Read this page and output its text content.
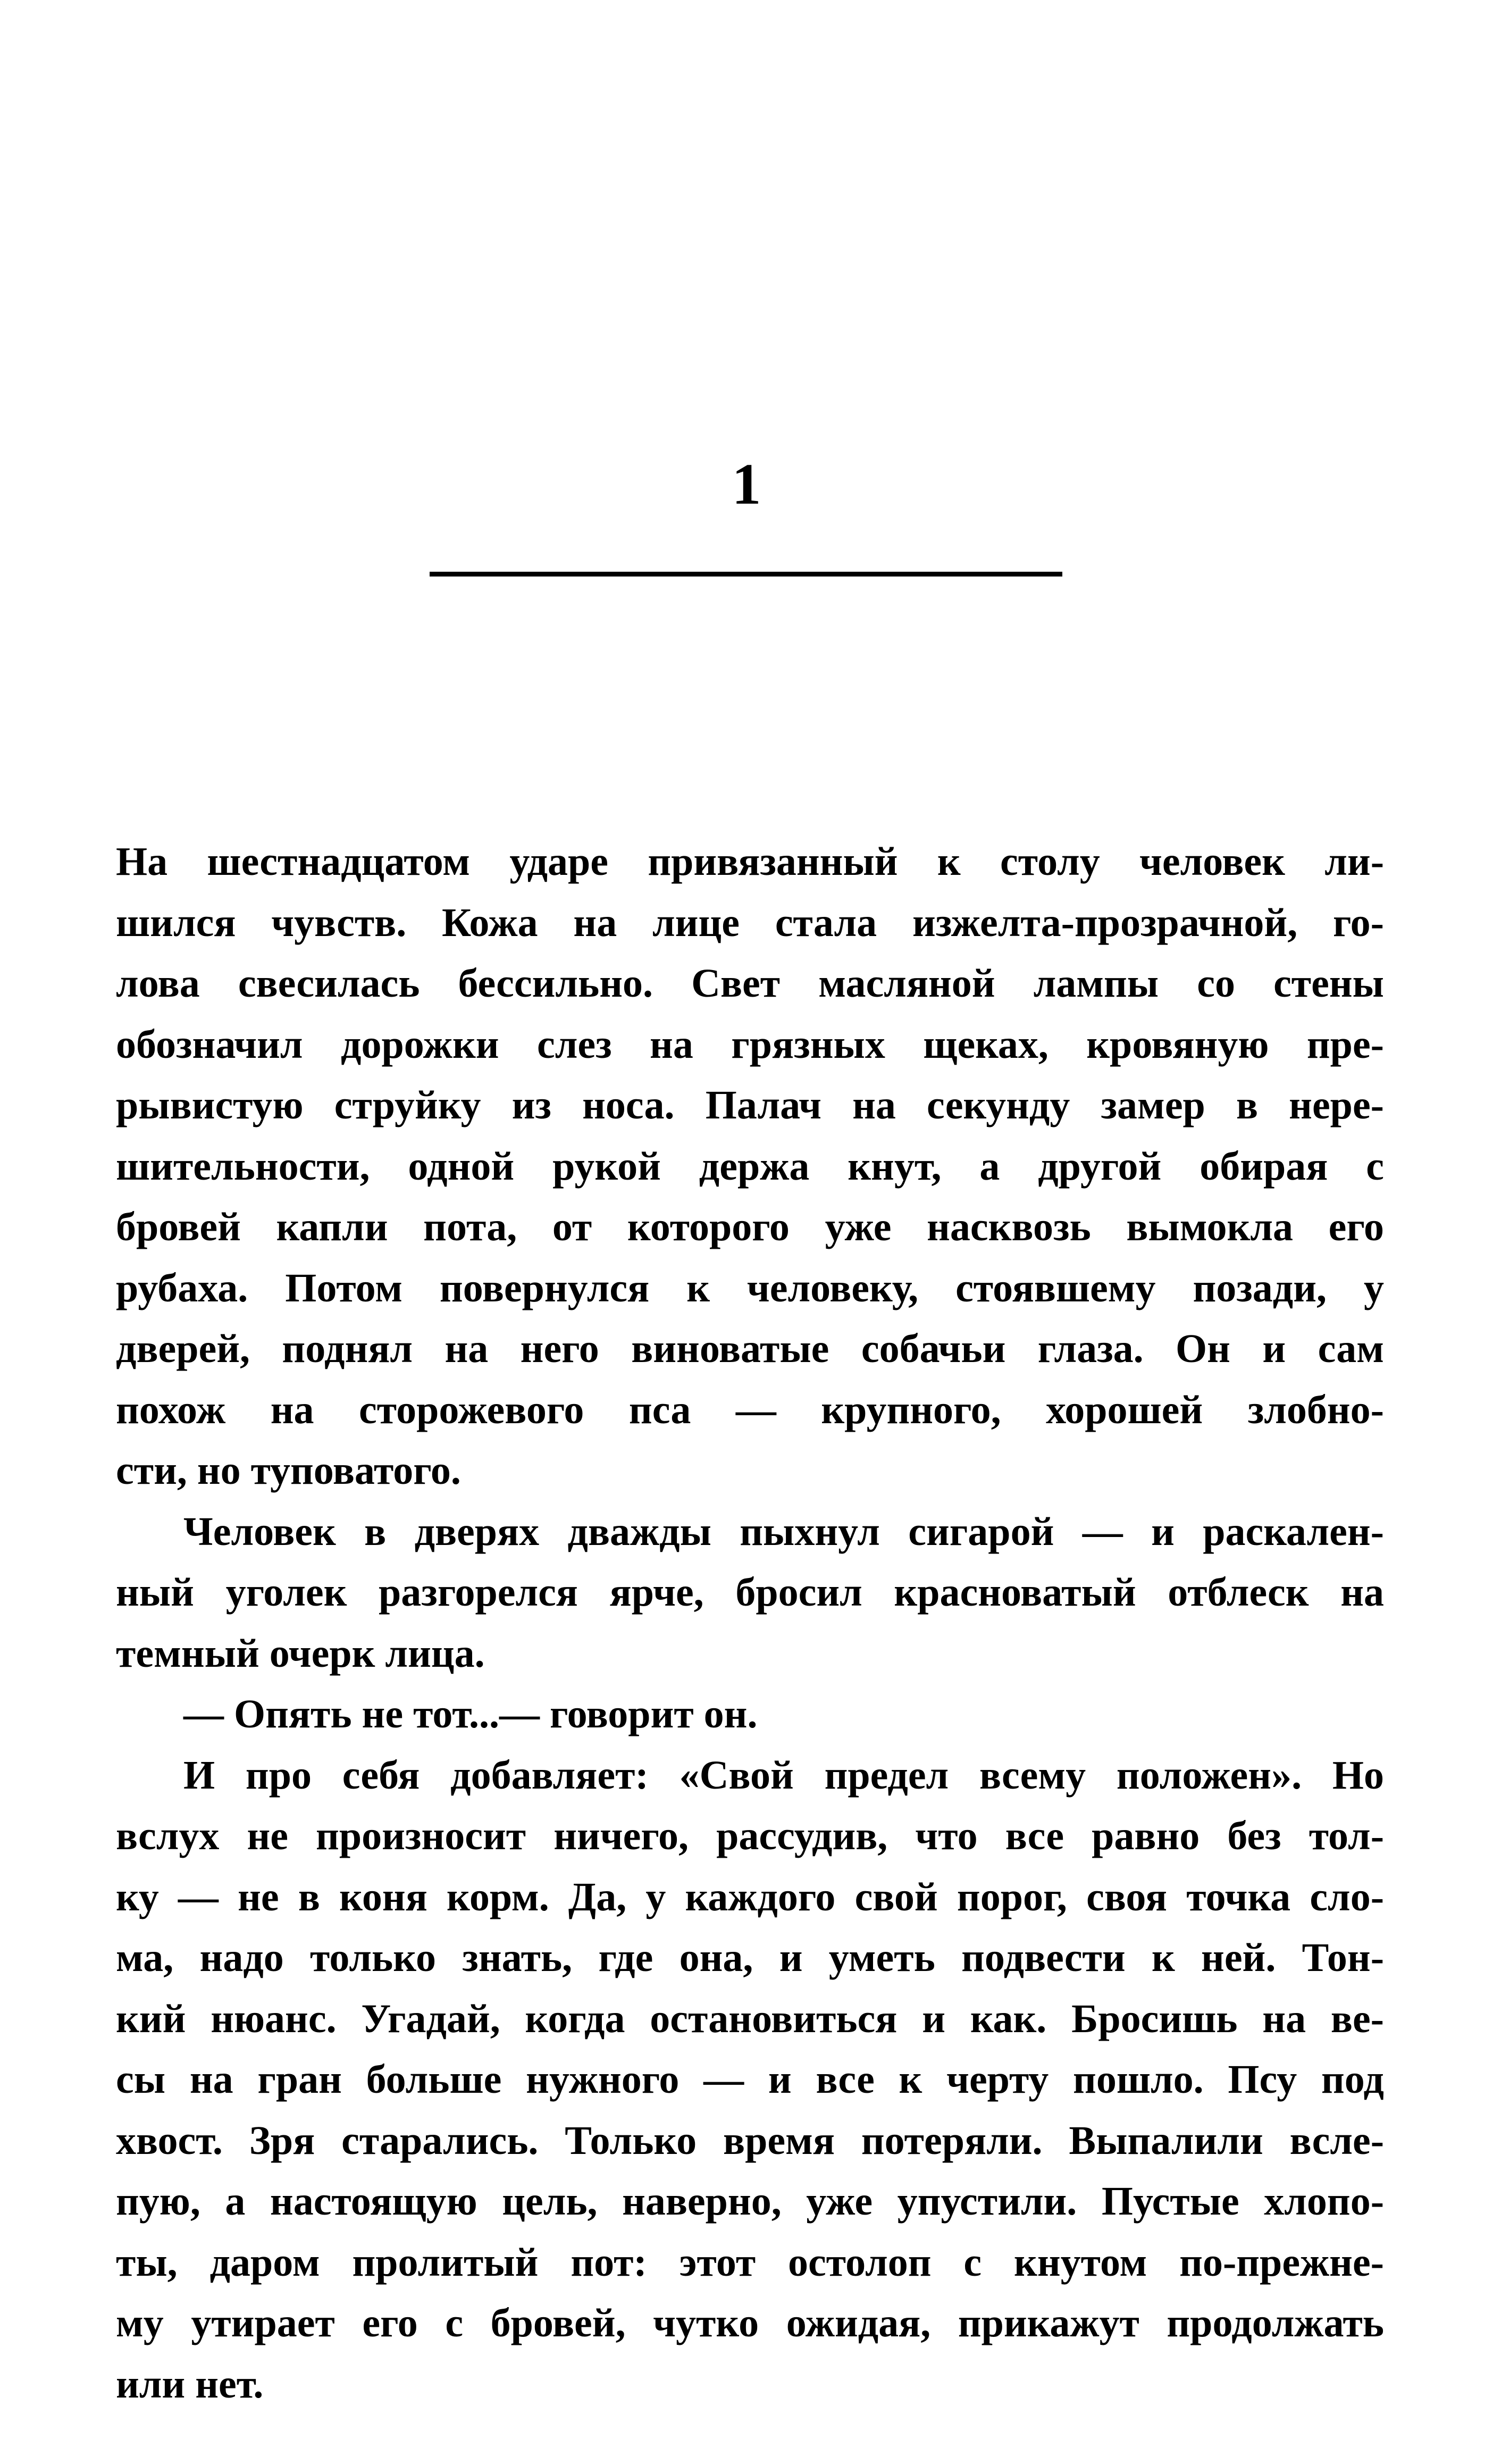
1

На шестнадцатом ударе привязанный к столу человек ли-
шился чувств. Кожа на лице стала изжелта-прозрачной, го-
лова свесилась бессильно. Свет масляной лампы со стены
обозначил дорожки слез на грязных щеках, кровяную пре-
рывистую струйку из носа. Палач на секунду замер в нере-
шительности, одной рукой держа кнут, а другой обирая с
бровей капли пота, от которого уже насквозь вымокла его
рубаха. Потом повернулся к человеку, стоявшему позади, у
дверей, поднял на него виноватые собачьи глаза. Он и сам
похож на сторожевого пса — крупного, хорошей злобно-
сти, но туповатого.

Человек в дверях дважды пыхнул сигарой — и раскален-
ный уголек разгорелся ярче, бросил красноватый отблеск на
темный очерк лица.

— Опять не тот...— говорит он.

И про себя добавляет: «Свой предел всему положен». Но
вслух не произносит ничего, рассудив, что все равно без тол-
ку — не в коня корм. Да, у каждого свой порог, своя точка сло-
ма, надо только знать, где она, и уметь подвести к ней. Тон-
кий нюанс. Угадай, когда остановиться и как. Бросишь на ве-
сы на гран больше нужного — и все к черту пошло. Псу под
хвост. Зря старались. Только время потеряли. Выпалили всле-
пую, а настоящую цель, наверно, уже упустили. Пустые хлопо-
ты, даром пролитый пот: этот остолоп с кнутом по-прежне-
му утирает его с бровей, чутко ожидая, прикажут продолжать
или нет.
